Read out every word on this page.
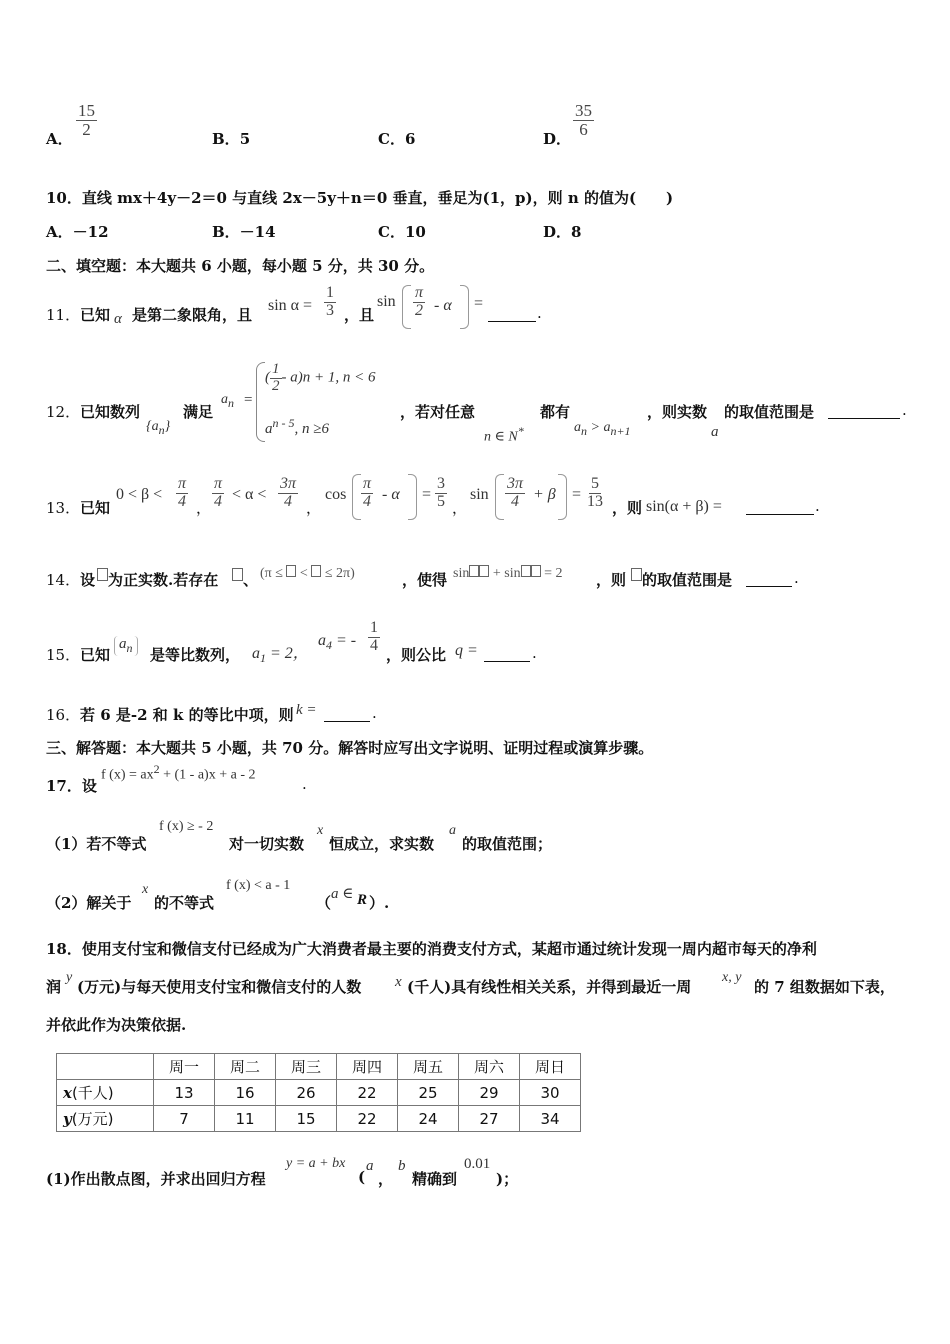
A．
$\frac{15}{2}$
B．5	C．6	D．
$\frac{35}{6}$
10．直线 mx＋4y－2＝0 与直线 2x－5y＋n＝0 垂直，垂足为(1，p)，则 n 的值为(　　)
A．－12	B．－14	C．10	D．8
二、填空题：本大题共 6 小题，每小题 5 分，共 30 分。
11． 已知 α 是第二象限角，且
$\sin \alpha = \frac{1}{3}$ ，且
$\sin \frac{\pi}{2}$ - α =
.
12． 已知数列
$\{a_n\}$
满足
$a_n$ =
( $\frac{1}{2} - a)n + 1$, n < 6
$a^{n - 5}$, n ≥6
，若对任意
n ∈ N*
都有
$a_n > a_{n+1}$
，则实数
a
的取值范围是	.
13． 已知
$0 < \beta < \frac{\pi}{4}$ ， $\frac{\pi}{4} < \alpha < \frac{3\pi}{4}$ ，
$\cos \frac{\pi}{4} - \alpha = \frac{3}{5}$ ，
$\sin \frac{3\pi}{4} + \beta = \frac{5}{13}$ ，则 sin(α + β) =	.
14． 设 为正实数.若存在 、 (π ≤  <  ≤ 2π)	，使得 sin + sin = 2 ，则 的取值范围是	.
15． 已知
$a_n$	是等比数列， $a_1 = 2$，
$a_4$ = - $\frac{1}{4}$
，则公比 q =	.
16． 若 6 是-2 和 k 的等比中项，则 k =	.
三、解答题：本大题共 5 小题，共 70 分。解答时应写出文字说明、证明过程或演算步骤。
17．设
f $(x) = ax^2 + (1 - a)x + a - 2$	.
（1）若不等式
f (x) ≥ - 2
对一切实数
x
恒成立，求实数
a
的取值范围；
（2）解关于
x
的不等式
f (x) < a - 1
（ a ∈ R ）.
18．使用支付宝和微信支付已经成为广大消费者最主要的消费支付方式，某超市通过统计发现一周内超市每天的净利
润
y
(万元)与每天使用支付宝和微信支付的人数 x (千人)具有线性相关关系，并得到最近一周
x, y
的 7 组数据如下表，
并依此作为决策依据.
	周一	周二	周三	周四	周五	周六	周日
x(千人)	13	16	26	22	25	29	30
y(万元)	7	11	15	22	24	27	34
(1)作出散点图，并求出回归方程
y = a + bx
(
a
，
b
精确到
0.01
)；
